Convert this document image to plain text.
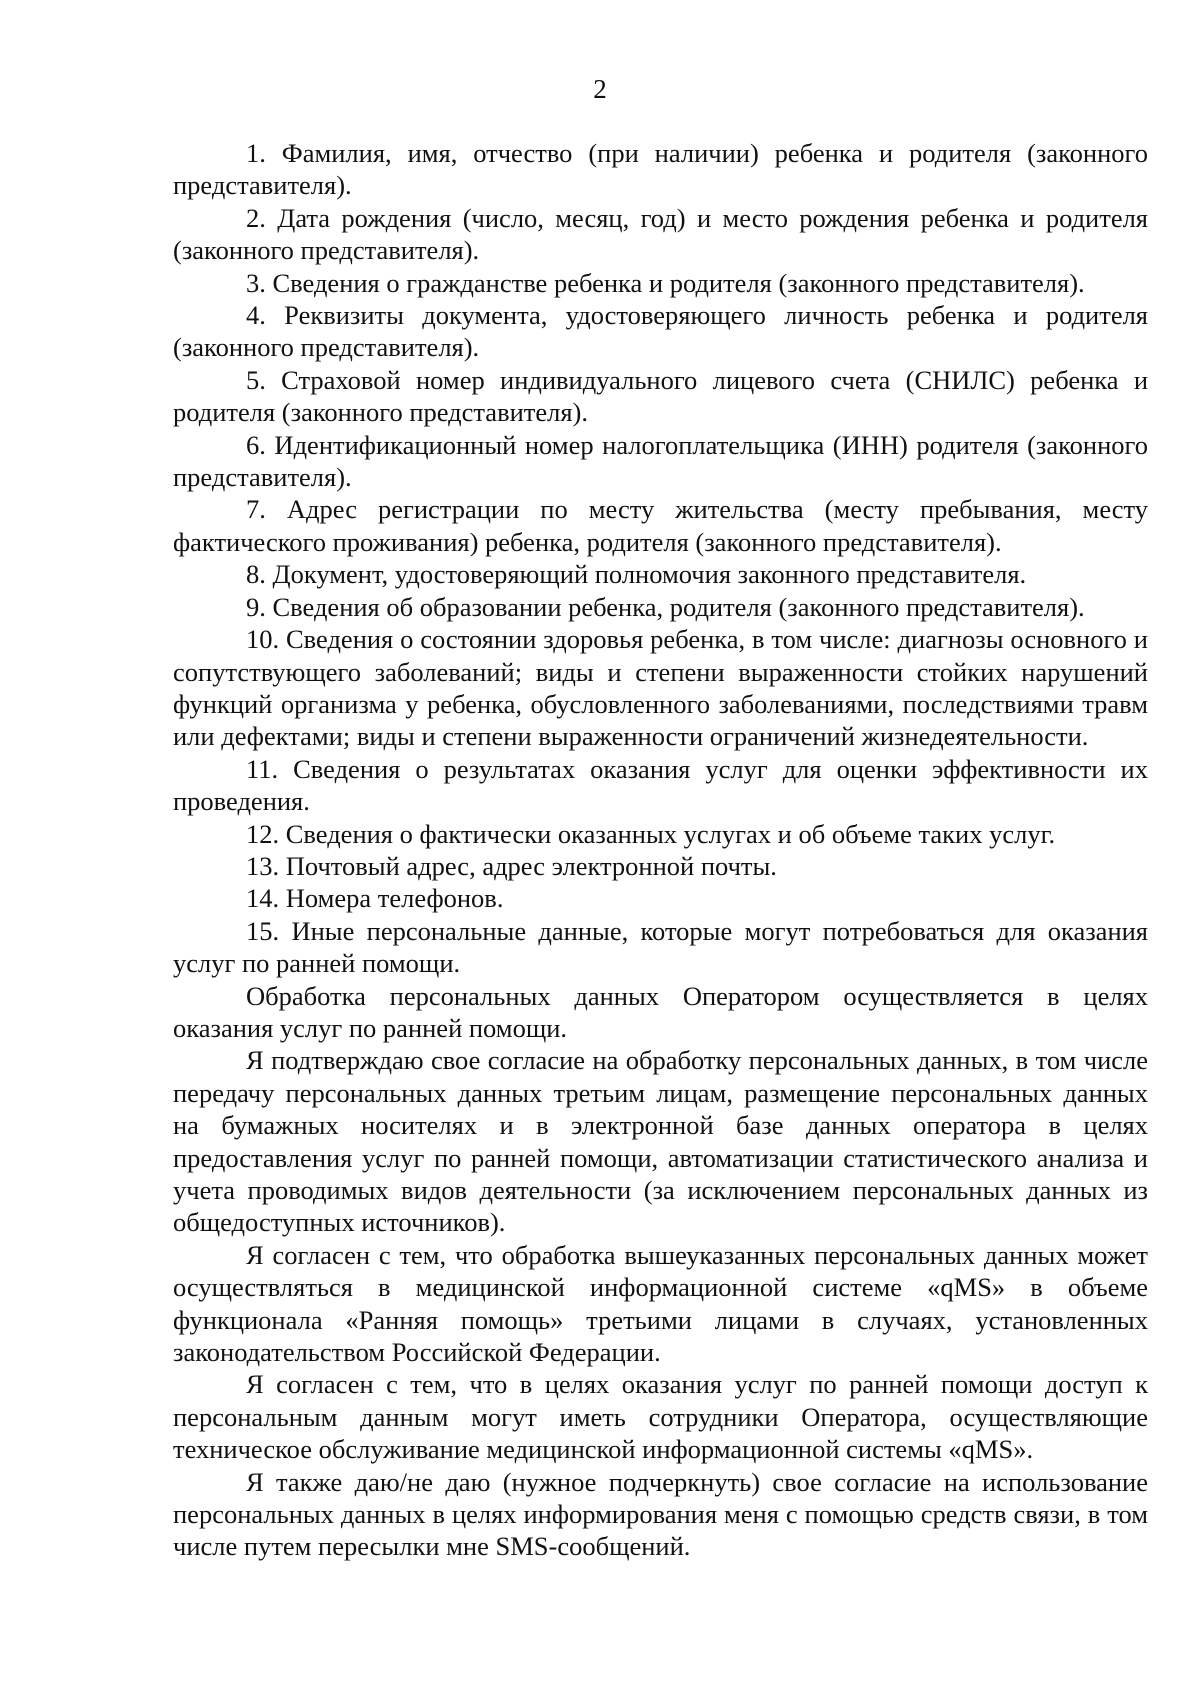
2

1. Фамилия, имя, отчество (при наличии) ребенка и родителя (законного представителя).

2. Дата рождения (число, месяц, год) и место рождения ребенка и родителя (законного представителя).

3. Сведения о гражданстве ребенка и родителя (законного представителя).

4. Реквизиты документа, удостоверяющего личность ребенка и родителя (законного представителя).

5. Страховой номер индивидуального лицевого счета (СНИЛС) ребенка и родителя (законного представителя).

6. Идентификационный номер налогоплательщика (ИНН) родителя (законного представителя).

7. Адрес регистрации по месту жительства (месту пребывания, месту фактического проживания) ребенка, родителя (законного представителя).

8. Документ, удостоверяющий полномочия законного представителя.

9. Сведения об образовании ребенка, родителя (законного представителя).

10. Сведения о состоянии здоровья ребенка, в том числе: диагнозы основного и сопутствующего заболеваний; виды и степени выраженности стойких нарушений функций организма у ребенка, обусловленного заболеваниями, последствиями травм или дефектами; виды и степени выраженности ограничений жизнедеятельности.

11. Сведения о результатах оказания услуг для оценки эффективности их проведения.

12. Сведения о фактически оказанных услугах и об объеме таких услуг.

13. Почтовый адрес, адрес электронной почты.

14. Номера телефонов.

15. Иные персональные данные, которые могут потребоваться для оказания услуг по ранней помощи.

Обработка персональных данных Оператором осуществляется в целях оказания услуг по ранней помощи.

Я подтверждаю свое согласие на обработку персональных данных, в том числе передачу персональных данных третьим лицам, размещение персональных данных на бумажных носителях и в электронной базе данных оператора в целях предоставления услуг по ранней помощи, автоматизации статистического анализа и учета проводимых видов деятельности (за исключением персональных данных из общедоступных источников).

Я согласен с тем, что обработка вышеуказанных персональных данных может осуществляться в медицинской информационной системе «qMS» в объеме функционала «Ранняя помощь» третьими лицами в случаях, установленных законодательством Российской Федерации.

Я согласен с тем, что в целях оказания услуг по ранней помощи доступ к персональным данным могут иметь сотрудники Оператора, осуществляющие техническое обслуживание медицинской информационной системы «qMS».

Я также даю/не даю (нужное подчеркнуть) свое согласие на использование персональных данных в целях информирования меня с помощью средств связи, в том числе путем пересылки мне SMS-сообщений.
